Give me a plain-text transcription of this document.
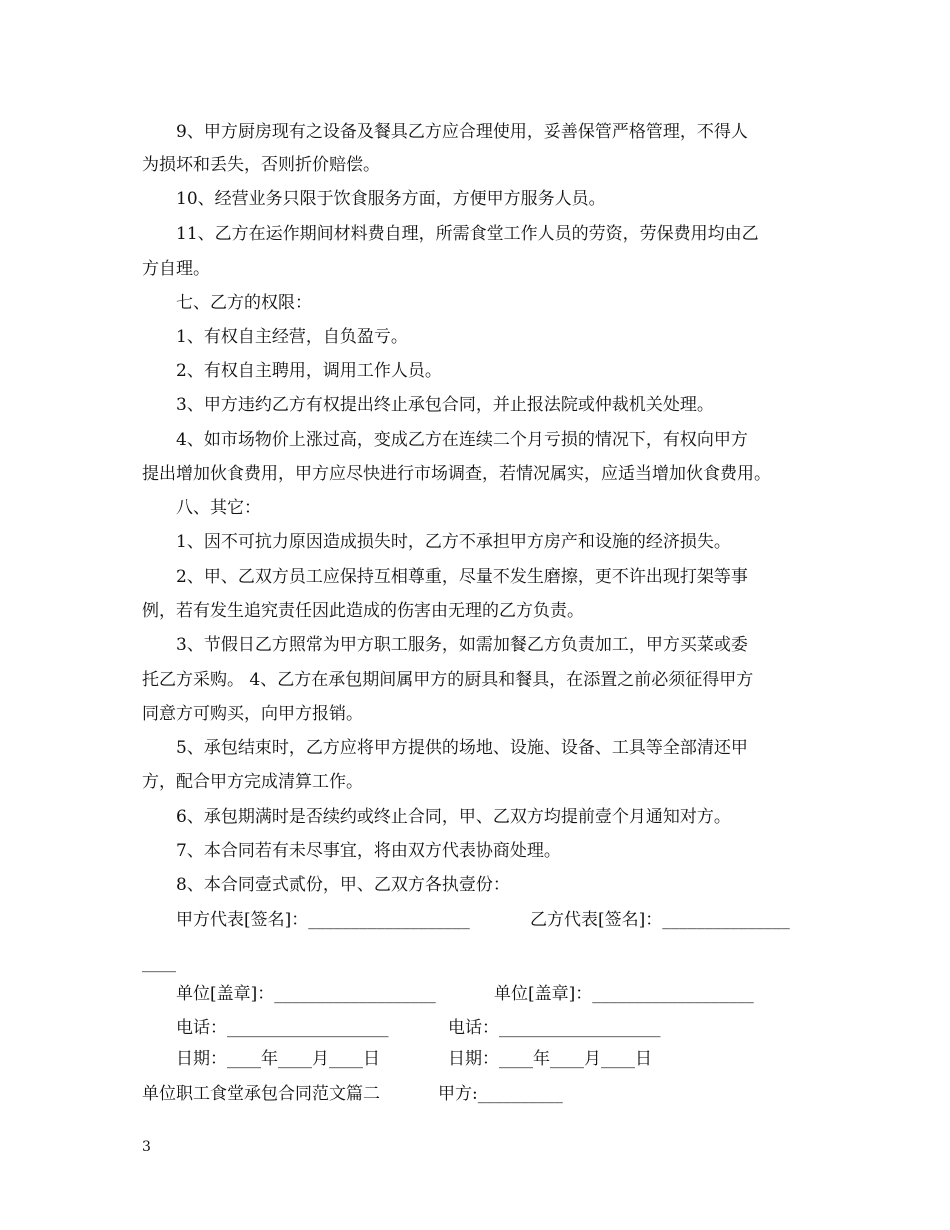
9、甲方厨房现有之设备及餐具乙方应合理使用，妥善保管严格管理，不得人
为损坏和丢失，否则折价赔偿。
10、经营业务只限于饮食服务方面，方便甲方服务人员。
11、乙方在运作期间材料费自理，所需食堂工作人员的劳资，劳保费用均由乙
方自理。
七、乙方的权限：
1、有权自主经营，自负盈亏。
2、有权自主聘用，调用工作人员。
3、甲方违约乙方有权提出终止承包合同，并止报法院或仲裁机关处理。
4、如市场物价上涨过高，变成乙方在连续二个月亏损的情况下，有权向甲方
提出增加伙食费用，甲方应尽快进行市场调查，若情况属实，应适当增加伙食费用。
八、其它：
1、因不可抗力原因造成损失时，乙方不承担甲方房产和设施的经济损失。
2、甲、乙双方员工应保持互相尊重，尽量不发生磨擦，更不许出现打架等事
例，若有发生追究责任因此造成的伤害由无理的乙方负责。
3、节假日乙方照常为甲方职工服务，如需加餐乙方负责加工，甲方买菜或委
托乙方采购。 4、乙方在承包期间属甲方的厨具和餐具，在添置之前必须征得甲方
同意方可购买，向甲方报销。
5、承包结束时，乙方应将甲方提供的场地、设施、设备、工具等全部清还甲
方，配合甲方完成清算工作。
6、承包期满时是否续约或终止合同，甲、乙双方均提前壹个月通知对方。
7、本合同若有未尽事宜，将由双方代表协商处理。
8、本合同壹式贰份，甲、乙双方各执壹份：
甲方代表[签名]：___________________	乙方代表[签名]：_______________
____
单位[盖章]：___________________	单位[盖章]：___________________
电话：___________________	电话：___________________
日期：____年____月____日	日期：____年____月____日
单位职工食堂承包合同范文篇二	甲方:__________
3
